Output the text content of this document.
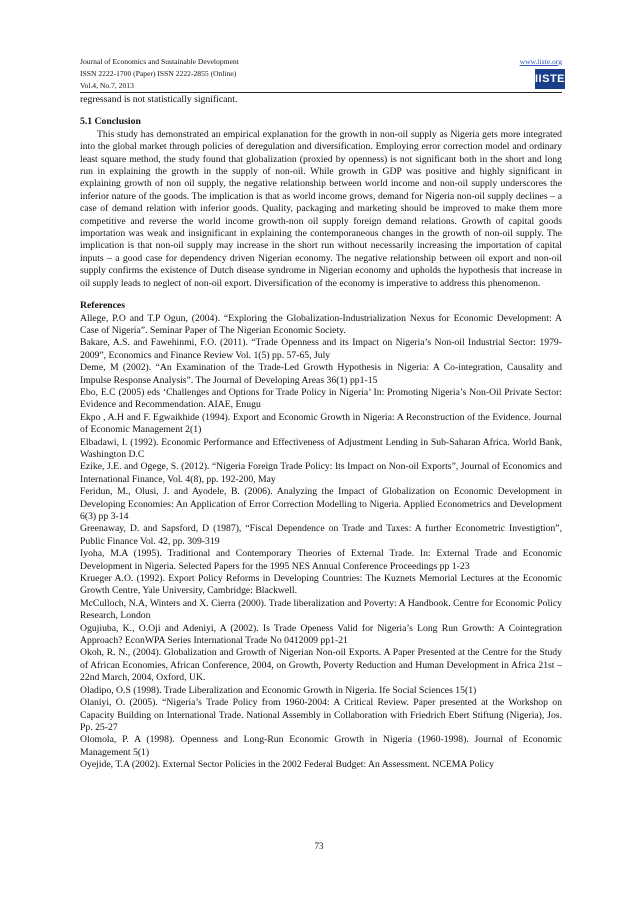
Journal of Economics and Sustainable Development
ISSN 2222-1700 (Paper) ISSN 2222-2855 (Online)
Vol.4, No.7, 2013
www.iiste.org
IISTE

regressand is not statistically significant.

5.1 Conclusion

This study has demonstrated an empirical explanation for the growth in non-oil supply as Nigeria gets more integrated into the global market through policies of deregulation and diversification. Employing error correction model and ordinary least square method, the study found that globalization (proxied by openness) is not significant both in the short and long run in explaining the growth in the supply of non-oil. While growth in GDP was positive and highly significant in explaining growth of non oil supply, the negative relationship between world income and non-oil supply underscores the inferior nature of the goods. The implication is that as world income grows, demand for Nigeria non-oil supply declines – a case of demand relation with inferior goods. Quality, packaging and marketing should be improved to make them more competitive and reverse the world income growth-non oil supply foreign demand relations. Growth of capital goods importation was weak and insignificant in explaining the contemporaneous changes in the growth of non-oil supply. The implication is that non-oil supply may increase in the short run without necessarily increasing the importation of capital inputs – a good case for dependency driven Nigerian economy. The negative relationship between oil export and non-oil supply confirms the existence of Dutch disease syndrome in Nigerian economy and upholds the hypothesis that increase in oil supply leads to neglect of non-oil export. Diversification of the economy is imperative to address this phenomenon.

References

Allege, P.O and T.P Ogun, (2004). “Exploring the Globalization-Industrialization Nexus for Economic Development: A Case of Nigeria”. Seminar Paper of The Nigerian Economic Society.

Bakare, A.S. and Fawehinmi, F.O. (2011). “Trade Openness and its Impact on Nigeria’s Non-oil Industrial Sector: 1979-2009”, Economics and Finance Review Vol. 1(5) pp. 57-65, July

Deme, M (2002). “An Examination of the Trade-Led Growth Hypothesis in Nigeria: A Co-integration, Causality and Impulse Response Analysis”. The Journal of Developing Areas 36(1) pp1-15

Ebo, E.C (2005) eds ‘Challenges and Options for Trade Policy in Nigeria’ In: Promoting Nigeria’s Non-Oil Private Sector: Evidence and Recommendation. AIAE, Enugu

Ekpo , A.H and F. Egwaikhide (1994). Export and Economic Growth in Nigeria: A Reconstruction of the Evidence. Journal of Economic Management 2(1)

Elbadawi, I. (1992). Economic Performance and Effectiveness of Adjustment Lending in Sub-Saharan Africa. World Bank, Washington D.C

Ezike, J.E. and Ogege, S. (2012). “Nigeria Foreign Trade Policy: Its Impact on Non-oil Exports”, Journal of Economics and International Finance, Vol. 4(8), pp. 192-200, May

Feridun, M., Olusi, J. and Ayodele, B. (2006). Analyzing the Impact of Globalization on Economic Development in Developing Economies: An Application of Error Correction Modelling to Nigeria. Applied Econometrics and Development 6(3) pp 3-14

Greenaway, D. and Sapsford, D (1987), “Fiscal Dependence on Trade and Taxes: A further Econometric Investigtion”, Public Finance Vol. 42, pp. 309-319

Iyoha, M.A (1995). Traditional and Contemporary Theories of External Trade. In: External Trade and Economic Development in Nigeria. Selected Papers for the 1995 NES Annual Conference Proceedings pp 1-23

Krueger A.O. (1992). Export Policy Reforms in Developing Countries: The Kuznets Memorial Lectures at the Economic Growth Centre, Yale University, Cambridge: Blackwell.

McCulloch, N.A, Winters and X. Cierra (2000). Trade liberalization and Poverty: A Handbook. Centre for Economic Policy Research, London

Ogujiuba, K., O.Oji and Adeniyi, A (2002). Is Trade Openess Valid for Nigeria’s Long Run Growth: A Cointegration Approach? EconWPA Series International Trade No 0412009 pp1-21

Okoh, R. N., (2004). Globalization and Growth of Nigerian Non-oil Exports. A Paper Presented at the Centre for the Study of African Economies, African Conference, 2004, on Growth, Poverty Reduction and Human Development in Africa 21st – 22nd March, 2004, Oxford, UK.

Oladipo, O.S (1998). Trade Liberalization and Economic Growth in Nigeria. Ife Social Sciences 15(1)

Olaniyi, O. (2005). “Nigeria’s Trade Policy from 1960-2004: A Critical Review. Paper presented at the Workshop on Capacity Building on International Trade. National Assembly in Collaboration with Friedrich Ebert Stiftung (Nigeria), Jos. Pp. 25-27

Olomola, P. A (1998). Openness and Long-Run Economic Growth in Nigeria (1960-1998). Journal of Economic Management 5(1)

Oyejide, T.A (2002). External Sector Policies in the 2002 Federal Budget: An Assessment. NCEMA Policy

73
